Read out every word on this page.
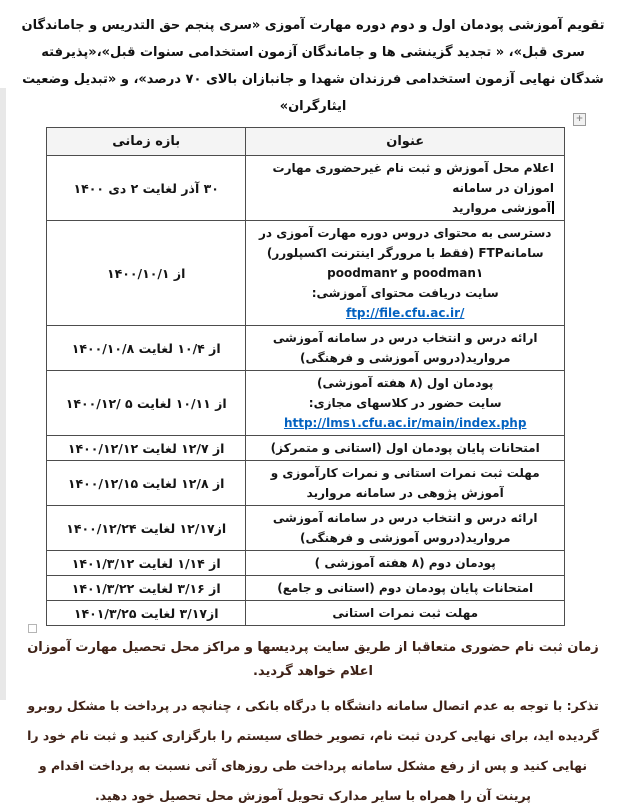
تقویم آموزشی پودمان اول و دوم دوره مهارت آموزی «سری پنجم حق التدریس و جاماندگان سری قبل»، « تجدید گزینشی ها و جاماندگان آزمون استخدامی سنوات قبل»،«پذیرفته شدگان نهایی آزمون استخدامی فرزندان شهدا و جانبازان بالای ۷۰ درصد»، و «تبدیل وضعیت ایثارگران»

+
عنوان	بازه زمانی

اعلام محل آموزش و ثبت نام غیرحضوری مهارت اموزان در سامانه
آموزشی مروارید	۳۰ آذر لغایت ۲ دی ۱۴۰۰

دسترسی به محتوای دروس دوره مهارت آموزی در سامانهFTP (فقط با مرورگر اینترنت اکسپلورر)
poodman۱ و poodman۲
سایت دریافت محتوای آموزشی:
ftp://file.cfu.ac.ir/	از ۱۴۰۰/۱۰/۱

ارائه درس و انتخاب درس در سامانه آموزشی مروارید(دروس آموزشی و فرهنگی)	از ۱۰/۴ لغایت ۱۴۰۰/۱۰/۸

پودمان اول (۸ هفته آموزشی)
سایت حضور در کلاسهای مجازی:
http://lms۱.cfu.ac.ir/main/index.php	از ۱۰/۱۱ لغایت ۵ /۱۴۰۰/۱۲

امتحانات پایان پودمان اول (استانی و متمرکز)	از ۱۲/۷ لغایت ۱۴۰۰/۱۲/۱۲

مهلت ثبت نمرات استانی و نمرات کارآموزی و آموزش پژوهی در سامانه مروارید	از ۱۲/۸ لغایت ۱۴۰۰/۱۲/۱۵

ارائه درس و انتخاب درس در سامانه آموزشی مروارید(دروس آموزشی و فرهنگی)	از۱۲/۱۷ لغایت ۱۴۰۰/۱۲/۲۴

پودمان دوم (۸ هفته آموزشی )	از ۱/۱۴ لغایت ۱۴۰۱/۳/۱۲

امتحانات پایان پودمان دوم (استانی و جامع)	از ۳/۱۶ لغایت ۱۴۰۱/۳/۲۲

مهلت ثبت نمرات استانی	از۳/۱۷ لغایت ۱۴۰۱/۳/۲۵

زمان ثبت نام حضوری متعاقبا از طریق سایت پردیسها و مراکز محل تحصیل مهارت آموزان اعلام خواهد گردید.

تذکر: با توجه به عدم اتصال سامانه دانشگاه با درگاه بانکی ، چنانچه در پرداخت با مشکل روبرو گردیده اید، برای نهایی کردن ثبت نام، تصویر خطای سیستم را بارگزاری کنید و ثبت نام خود را نهایی کنید و پس از رفع مشکل سامانه پرداخت طی روزهای آتی نسبت به پرداخت اقدام و پرینت آن را همراه با سایر مدارک تحویل آموزش محل تحصیل خود دهید.
